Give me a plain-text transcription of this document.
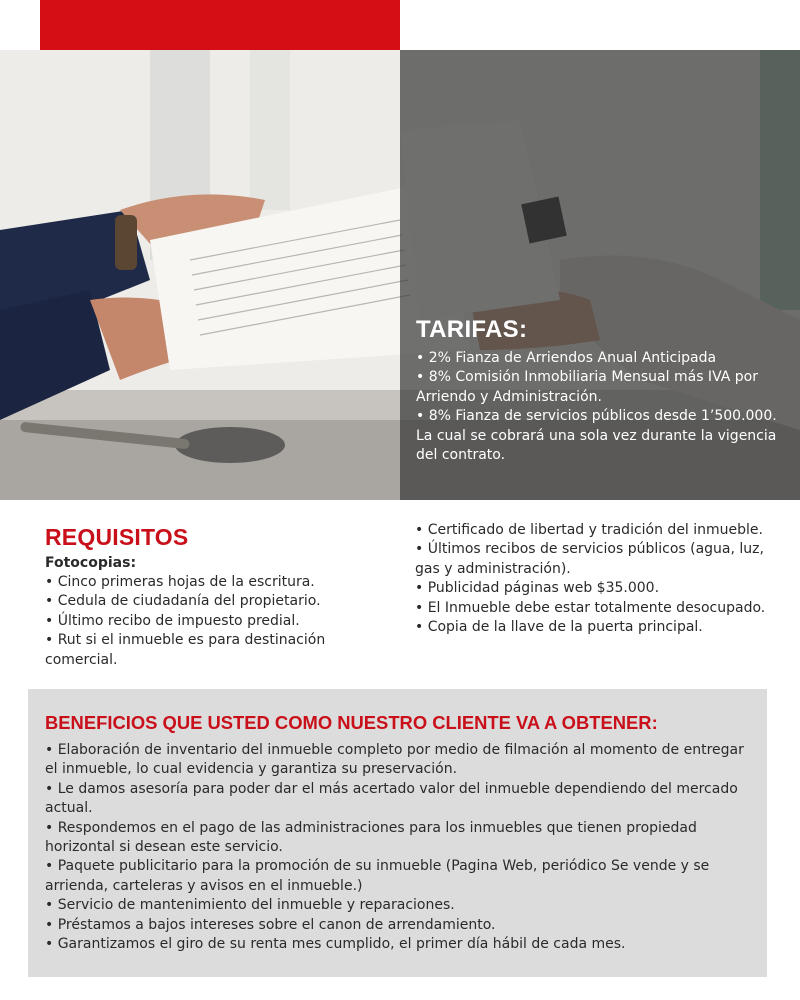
TARIFAS:
• 2% Fianza de Arriendos Anual Anticipada
• 8% Comisión Inmobiliaria Mensual más IVA por Arriendo y Administración.
• 8% Fianza de servicios públicos desde 1’500.000. La cual se cobrará una sola vez durante la vigencia del contrato.
REQUISITOS
Fotocopias:
• Cinco primeras hojas de la escritura.
• Cedula de ciudadanía del propietario.
• Último recibo de impuesto predial.
• Rut si el inmueble es para destinación comercial.
• Certificado de libertad y tradición del inmueble.
• Últimos recibos de servicios públicos (agua, luz, gas y administración).
• Publicidad páginas web $35.000.
• El Inmueble debe estar totalmente desocupado.
• Copia de la llave de la puerta principal.
BENEFICIOS QUE USTED COMO NUESTRO CLIENTE VA A OBTENER:
• Elaboración de inventario del inmueble completo por medio de filmación al momento de entregar el inmueble, lo cual evidencia y garantiza su preservación.
• Le damos asesoría para poder dar el más acertado valor del inmueble dependiendo del mercado actual.
• Respondemos en el pago de las administraciones para los inmuebles que tienen propiedad horizontal si desean este servicio.
• Paquete publicitario para la promoción de su inmueble (Pagina Web, periódico Se vende y se arrienda, carteleras y avisos en el inmueble.)
• Servicio de mantenimiento del inmueble y reparaciones.
• Préstamos a bajos intereses sobre el canon de arrendamiento.
• Garantizamos el giro de su renta mes cumplido, el primer día hábil de cada mes.
